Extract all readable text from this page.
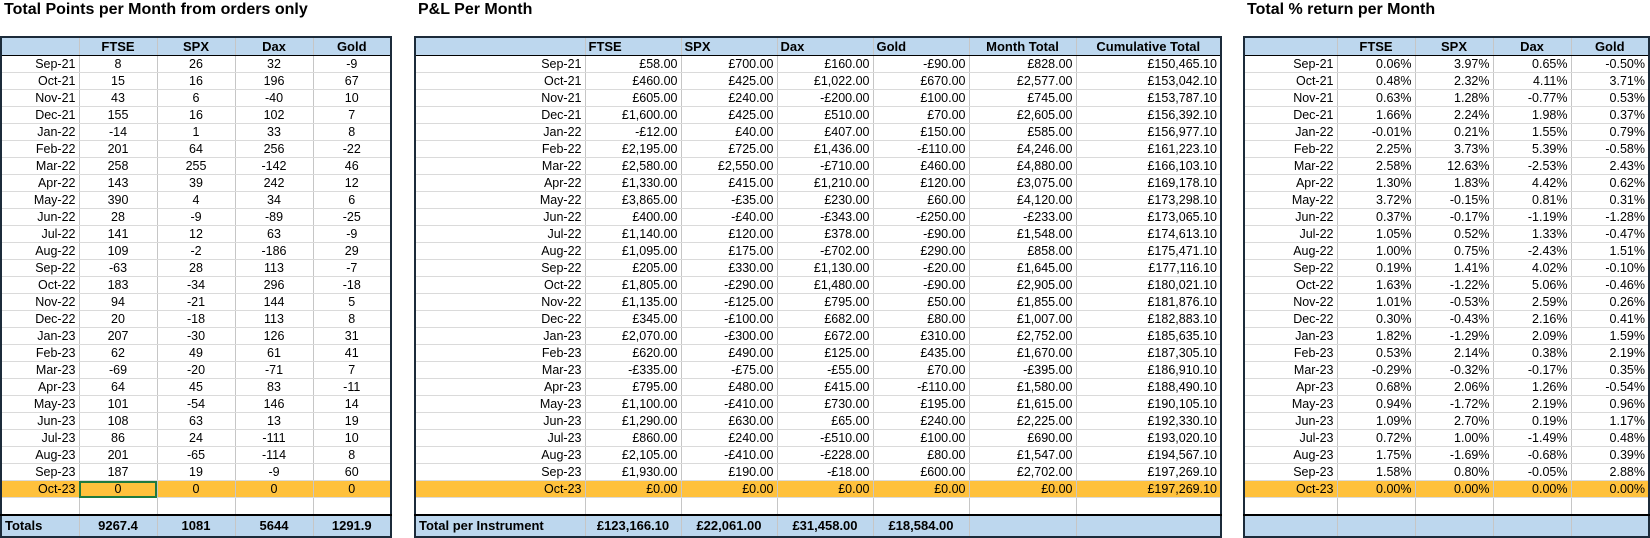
Total Points per Month from orders only	P&L Per Month	Total % return per Month
	FTSE	SPX	Dax	Gold
Sep-21	8	26	32	-9
Oct-21	15	16	196	67
Nov-21	43	6	-40	10
Dec-21	155	16	102	7
Jan-22	-14	1	33	8
Feb-22	201	64	256	-22
Mar-22	258	255	-142	46
Apr-22	143	39	242	12
May-22	390	4	34	6
Jun-22	28	-9	-89	-25
Jul-22	141	12	63	-9
Aug-22	109	-2	-186	29
Sep-22	-63	28	113	-7
Oct-22	183	-34	296	-18
Nov-22	94	-21	144	5
Dec-22	20	-18	113	8
Jan-23	207	-30	126	31
Feb-23	62	49	61	41
Mar-23	-69	-20	-71	7
Apr-23	64	45	83	-11
May-23	101	-54	146	14
Jun-23	108	63	13	19
Jul-23	86	24	-111	10
Aug-23	201	-65	-114	8
Sep-23	187	19	-9	60
Oct-23	0	0	0	0

Totals	9267.4	1081	5644	1291.9
	FTSE	SPX	Dax	Gold	Month Total	Cumulative Total
Sep-21	£58.00	£700.00	£160.00	-£90.00	£828.00	£150,465.10
Oct-21	£460.00	£425.00	£1,022.00	£670.00	£2,577.00	£153,042.10
Nov-21	£605.00	£240.00	-£200.00	£100.00	£745.00	£153,787.10
Dec-21	£1,600.00	£425.00	£510.00	£70.00	£2,605.00	£156,392.10
Jan-22	-£12.00	£40.00	£407.00	£150.00	£585.00	£156,977.10
Feb-22	£2,195.00	£725.00	£1,436.00	-£110.00	£4,246.00	£161,223.10
Mar-22	£2,580.00	£2,550.00	-£710.00	£460.00	£4,880.00	£166,103.10
Apr-22	£1,330.00	£415.00	£1,210.00	£120.00	£3,075.00	£169,178.10
May-22	£3,865.00	-£35.00	£230.00	£60.00	£4,120.00	£173,298.10
Jun-22	£400.00	-£40.00	-£343.00	-£250.00	-£233.00	£173,065.10
Jul-22	£1,140.00	£120.00	£378.00	-£90.00	£1,548.00	£174,613.10
Aug-22	£1,095.00	£175.00	-£702.00	£290.00	£858.00	£175,471.10
Sep-22	£205.00	£330.00	£1,130.00	-£20.00	£1,645.00	£177,116.10
Oct-22	£1,805.00	-£290.00	£1,480.00	-£90.00	£2,905.00	£180,021.10
Nov-22	£1,135.00	-£125.00	£795.00	£50.00	£1,855.00	£181,876.10
Dec-22	£345.00	-£100.00	£682.00	£80.00	£1,007.00	£182,883.10
Jan-23	£2,070.00	-£300.00	£672.00	£310.00	£2,752.00	£185,635.10
Feb-23	£620.00	£490.00	£125.00	£435.00	£1,670.00	£187,305.10
Mar-23	-£335.00	-£75.00	-£55.00	£70.00	-£395.00	£186,910.10
Apr-23	£795.00	£480.00	£415.00	-£110.00	£1,580.00	£188,490.10
May-23	£1,100.00	-£410.00	£730.00	£195.00	£1,615.00	£190,105.10
Jun-23	£1,290.00	£630.00	£65.00	£240.00	£2,225.00	£192,330.10
Jul-23	£860.00	£240.00	-£510.00	£100.00	£690.00	£193,020.10
Aug-23	£2,105.00	-£410.00	-£228.00	£80.00	£1,547.00	£194,567.10
Sep-23	£1,930.00	£190.00	-£18.00	£600.00	£2,702.00	£197,269.10
Oct-23	£0.00	£0.00	£0.00	£0.00	£0.00	£197,269.10

Total per Instrument	£123,166.10	£22,061.00	£31,458.00	£18,584.00		
	FTSE	SPX	Dax	Gold
Sep-21	0.06%	3.97%	0.65%	-0.50%
Oct-21	0.48%	2.32%	4.11%	3.71%
Nov-21	0.63%	1.28%	-0.77%	0.53%
Dec-21	1.66%	2.24%	1.98%	0.37%
Jan-22	-0.01%	0.21%	1.55%	0.79%
Feb-22	2.25%	3.73%	5.39%	-0.58%
Mar-22	2.58%	12.63%	-2.53%	2.43%
Apr-22	1.30%	1.83%	4.42%	0.62%
May-22	3.72%	-0.15%	0.81%	0.31%
Jun-22	0.37%	-0.17%	-1.19%	-1.28%
Jul-22	1.05%	0.52%	1.33%	-0.47%
Aug-22	1.00%	0.75%	-2.43%	1.51%
Sep-22	0.19%	1.41%	4.02%	-0.10%
Oct-22	1.63%	-1.22%	5.06%	-0.46%
Nov-22	1.01%	-0.53%	2.59%	0.26%
Dec-22	0.30%	-0.43%	2.16%	0.41%
Jan-23	1.82%	-1.29%	2.09%	1.59%
Feb-23	0.53%	2.14%	0.38%	2.19%
Mar-23	-0.29%	-0.32%	-0.17%	0.35%
Apr-23	0.68%	2.06%	1.26%	-0.54%
May-23	0.94%	-1.72%	2.19%	0.96%
Jun-23	1.09%	2.70%	0.19%	1.17%
Jul-23	0.72%	1.00%	-1.49%	0.48%
Aug-23	1.75%	-1.69%	-0.68%	0.39%
Sep-23	1.58%	0.80%	-0.05%	2.88%
Oct-23	0.00%	0.00%	0.00%	0.00%
